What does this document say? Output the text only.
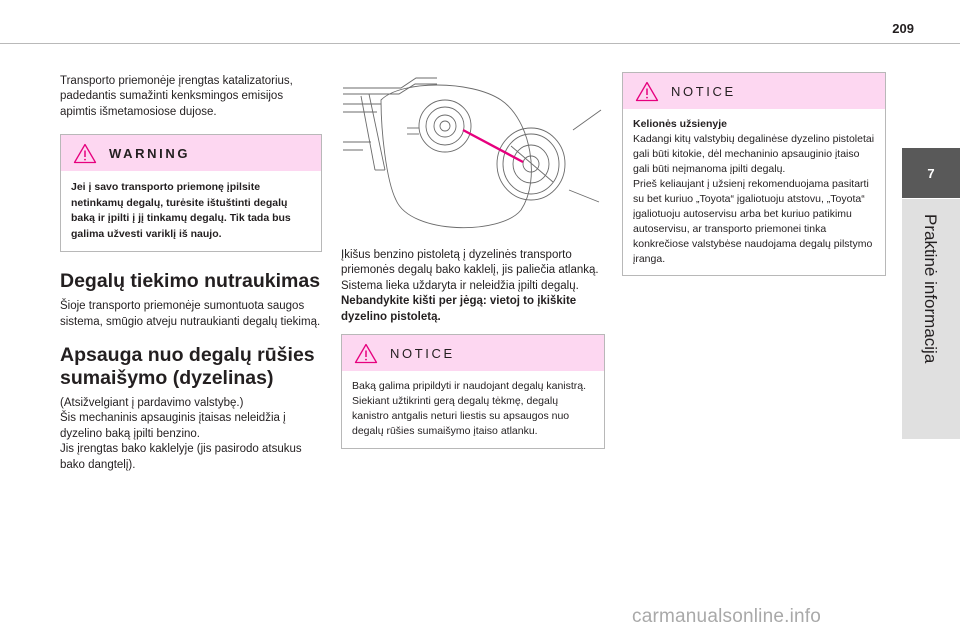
209
7
Praktinė informacija

Transporto priemonėje įrengtas katalizatorius, padedantis sumažinti kenksmingos emisijos apimtis išmetamosiose dujose.

WARNING
Jei į savo transporto priemonę įpilsite netinkamų degalų, turėsite ištuštinti degalų baką ir įpilti į jį tinkamų degalų. Tik tada bus galima užvesti variklį iš naujo.
Degalų tiekimo nutraukimas

Šioje transporto priemonėje sumontuota saugos sistema, smūgio atveju nutraukianti degalų tiekimą.

Apsauga nuo degalų rūšies
sumaišymo (dyzelinas)

(Atsižvelgiant į pardavimo valstybę.)

Šis mechaninis apsauginis įtaisas neleidžia į dyzelino baką įpilti benzino.

Jis įrengtas bako kaklelyje (jis pasirodo atsukus bako dangtelį).

Įkišus benzino pistoletą į dyzelinės transporto priemonės degalų bako kaklelį, jis paliečia atlanką. Sistema lieka uždaryta ir neleidžia įpilti degalų.

Nebandykite kišti per jėgą: vietoj to įkiškite dyzelino pistoletą.

NOTICE
Baką galima pripildyti ir naudojant degalų kanistrą.
Siekiant užtikrinti gerą degalų tėkmę, degalų kanistro antgalis neturi liestis su apsaugos nuo degalų rūšies sumaišymo įtaiso atlanku.
NOTICE
Kelionės užsienyje
Kadangi kitų valstybių degalinėse dyzelino pistoletai gali būti kitokie, dėl mechaninio apsauginio įtaiso gali būti neįmanoma įpilti degalų.
Prieš keliaujant į užsienį rekomenduojama pasitarti su bet kuriuo „Toyota“ įgaliotuoju atstovu, „Toyota“ įgaliotuoju autoservisu arba bet kuriuo patikimu autoservisu, ar transporto priemonei tinka konkrečiose valstybėse naudojama degalų pilstymo įranga.
carmanualsonline.info
